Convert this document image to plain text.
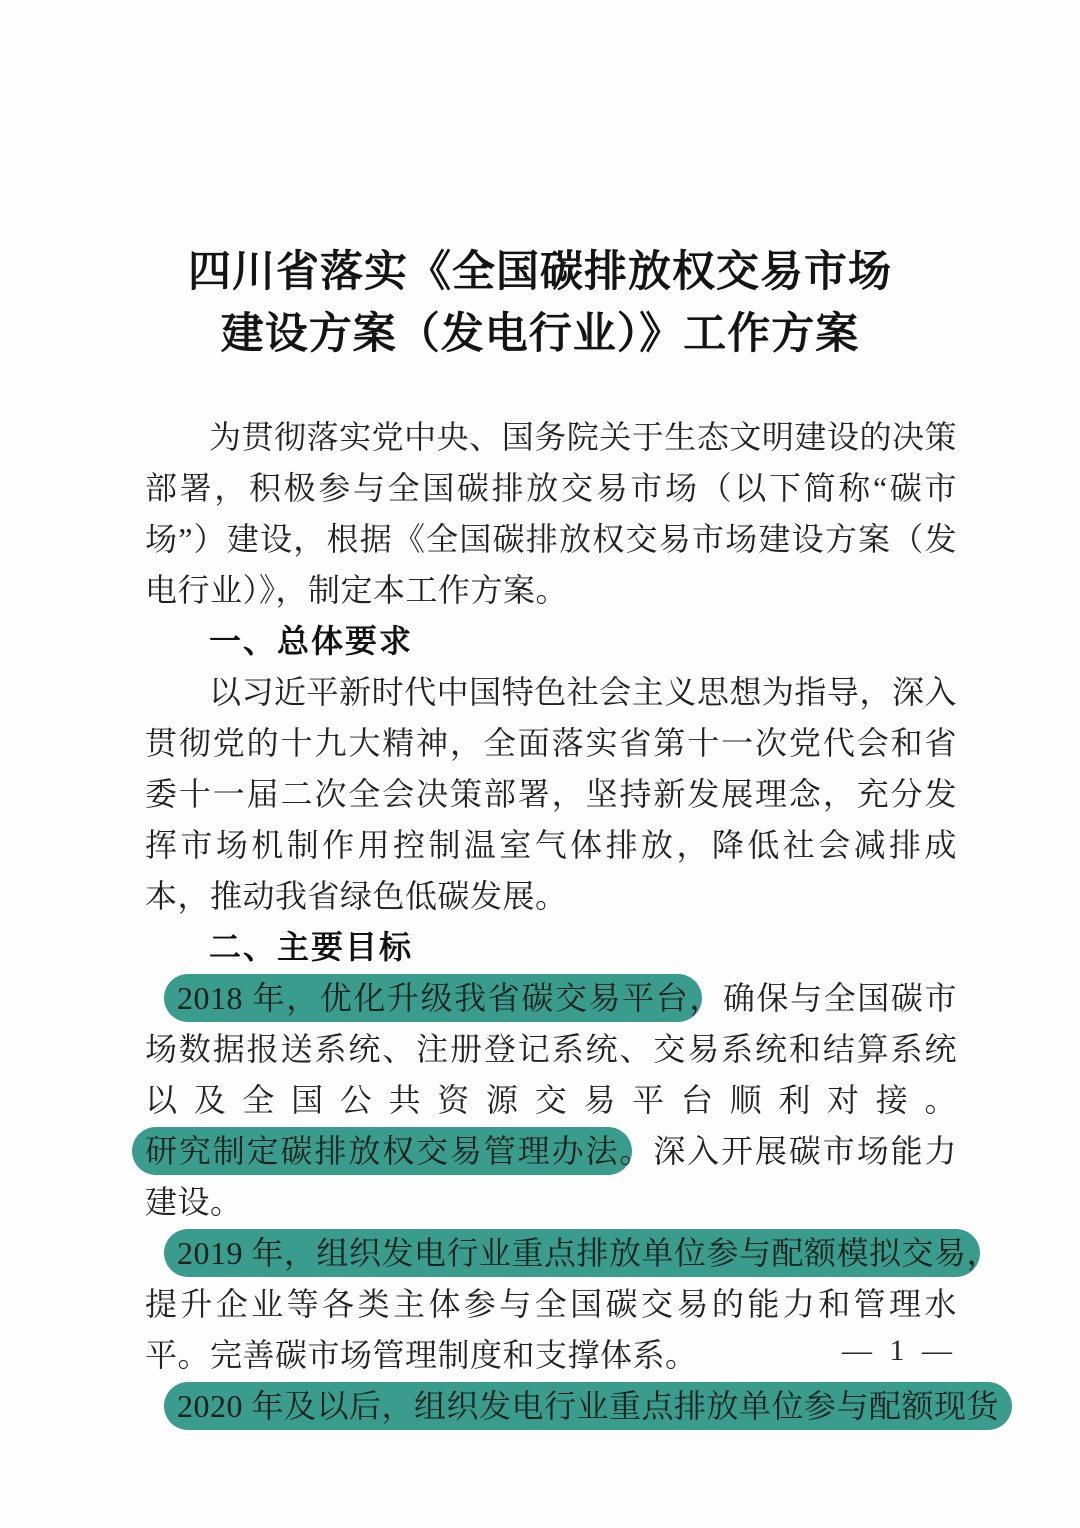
四川省落实《全国碳排放权交易市场
建设方案（发电行业）》工作方案

为贯彻落实党中央、国务院关于生态文明建设的决策部署，积极参与全国碳排放交易市场（以下简称“碳市场”）建设，根据《全国碳排放权交易市场建设方案（发电行业）》，制定本工作方案。

一、总体要求

以习近平新时代中国特色社会主义思想为指导，深入贯彻党的十九大精神，全面落实省第十一次党代会和省委十一届二次全会决策部署，坚持新发展理念，充分发挥市场机制作用控制温室气体排放，降低社会减排成本，推动我省绿色低碳发展。

二、主要目标

2018 年，优化升级我省碳交易平台，确保与全国碳市场数据报送系统、注册登记系统、交易系统和结算系统以及全国公共资源交易平台顺利对接。研究制定碳排放权交易管理办法。深入开展碳市场能力建设。

2019 年，组织发电行业重点排放单位参与配额模拟交易，提升企业等各类主体参与全国碳交易的能力和管理水平。完善碳市场管理制度和支撑体系。

2020 年及以后，组织发电行业重点排放单位参与配额现货

— 1 —
